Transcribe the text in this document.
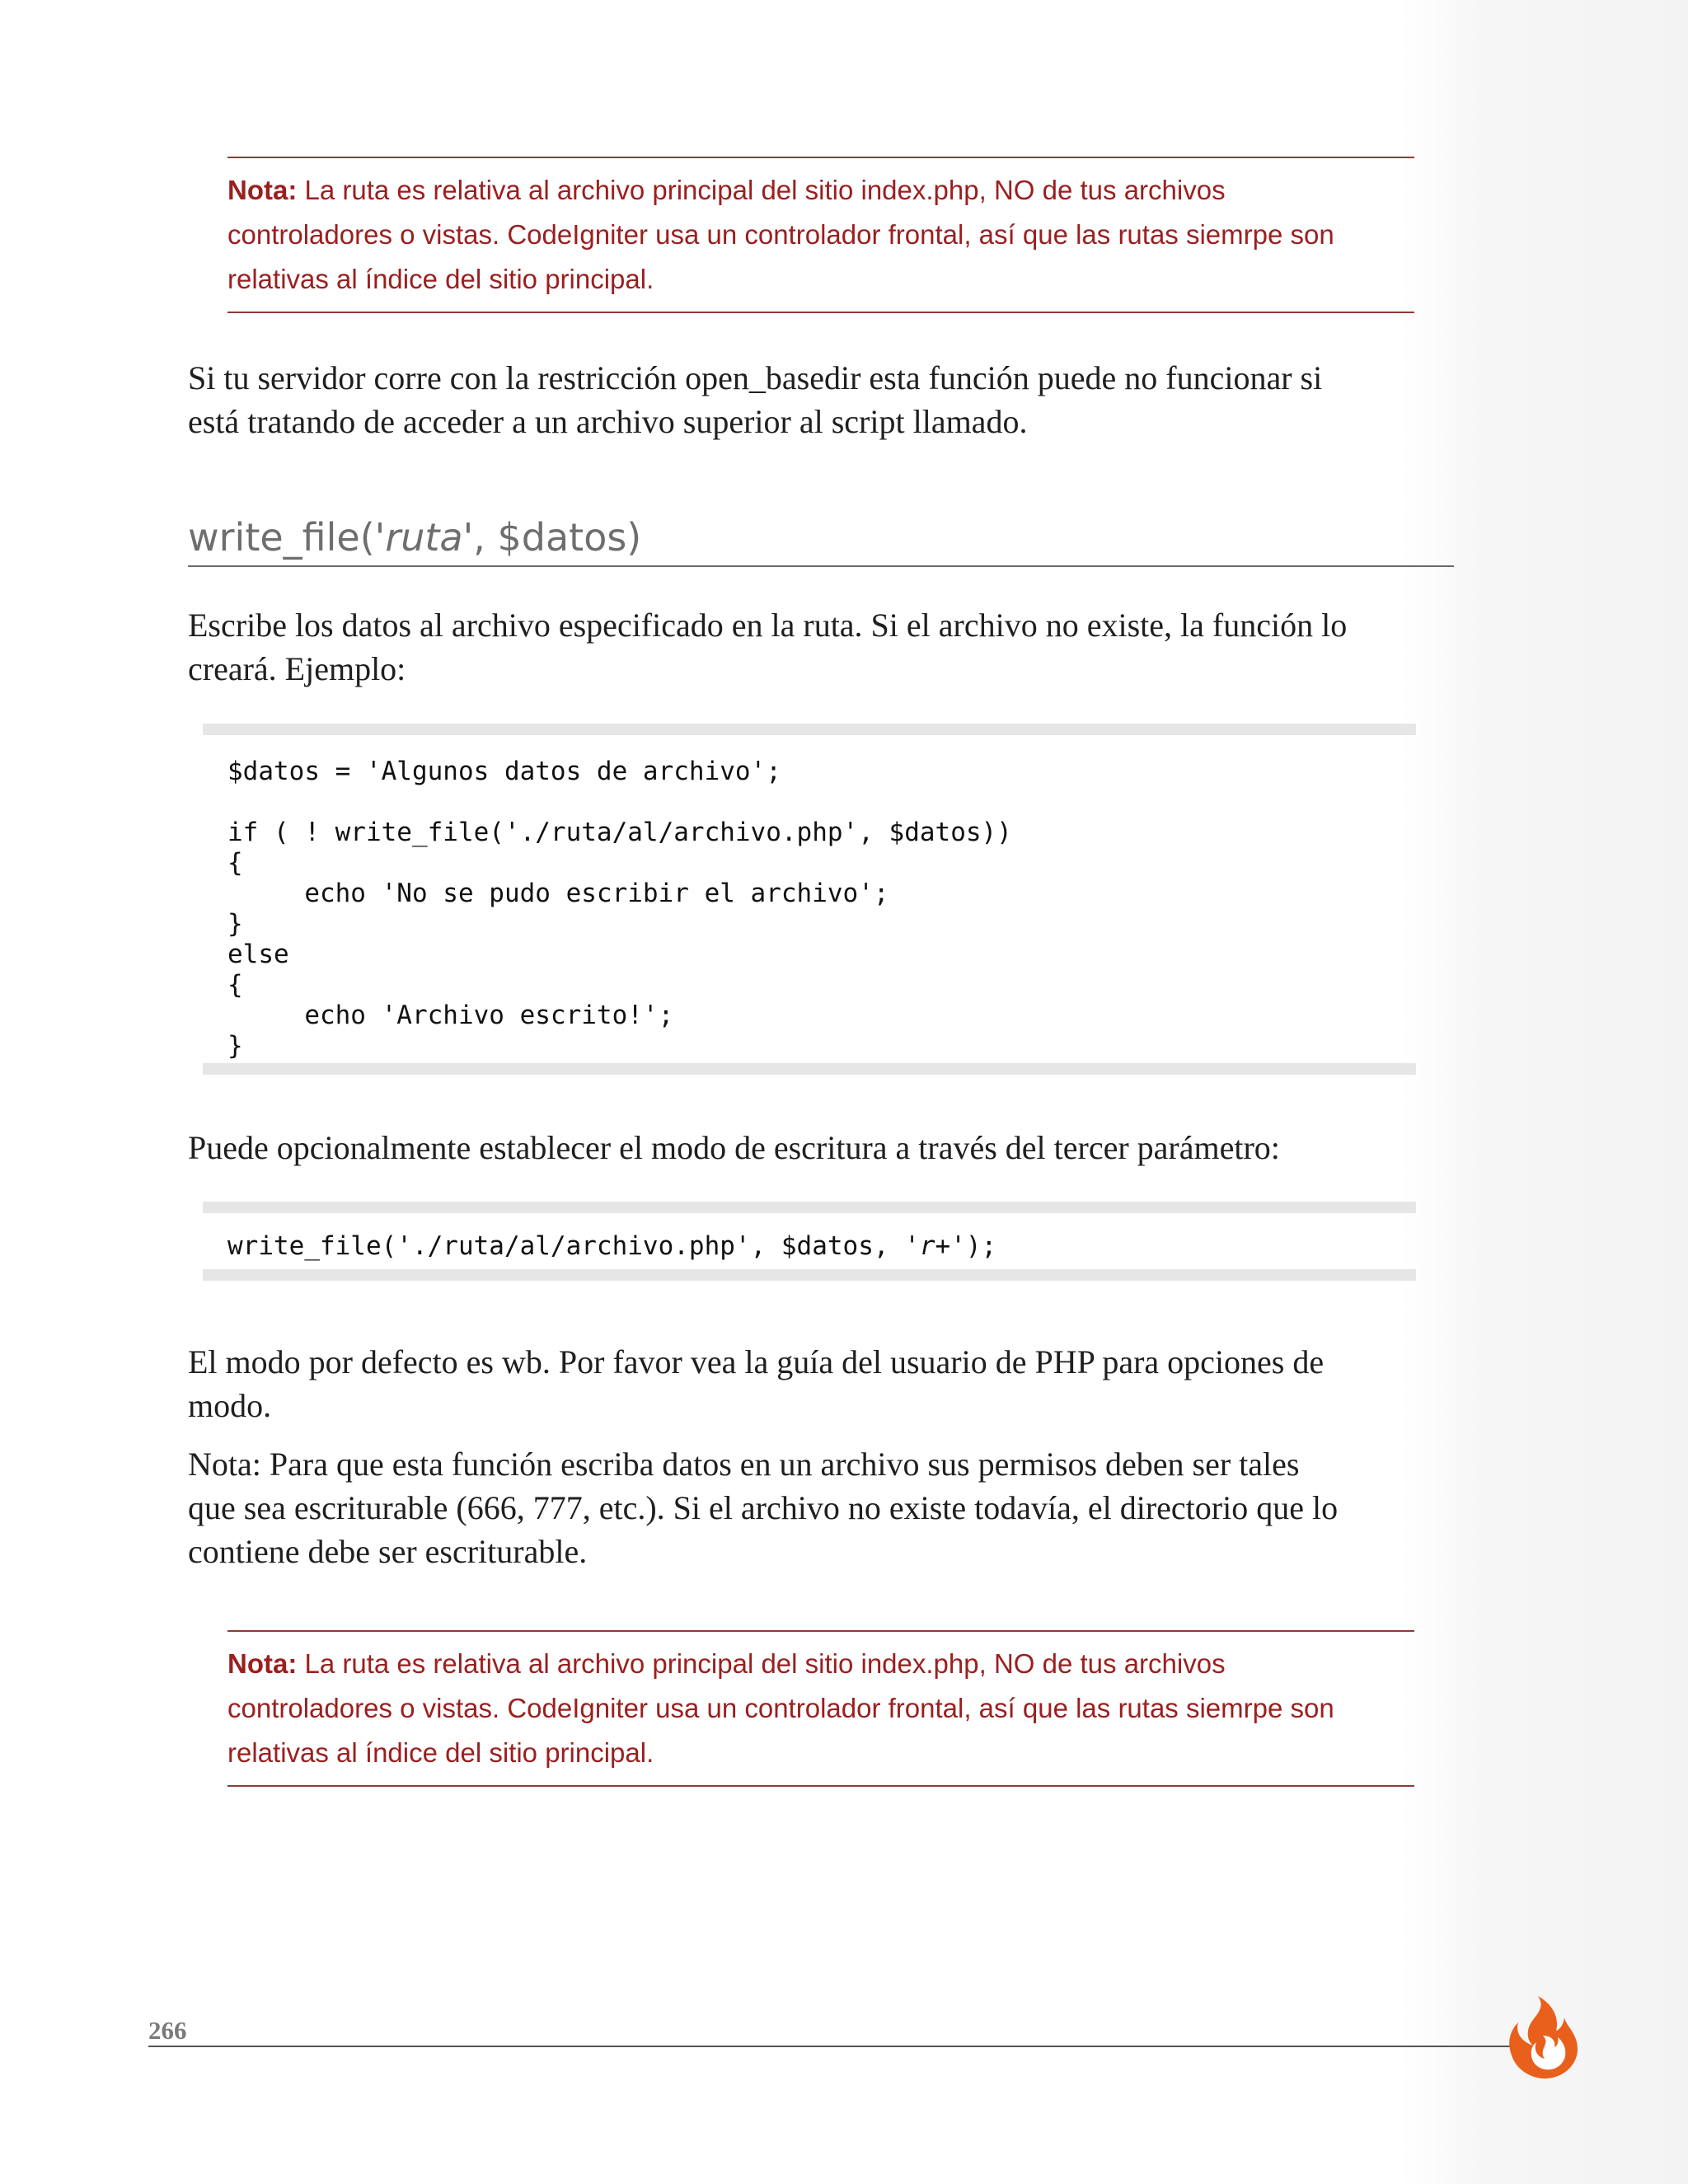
Nota: La ruta es relativa al archivo principal del sitio index.php, NO de tus archivos
controladores o vistas. CodeIgniter usa un controlador frontal, así que las rutas siemrpe son
relativas al índice del sitio principal.
Si tu servidor corre con la restricción open_basedir esta función puede no funcionar si
está tratando de acceder a un archivo superior al script llamado.
write_file('ruta', $datos)
Escribe los datos al archivo especificado en la ruta. Si el archivo no existe, la función lo
creará. Ejemplo:
$datos = 'Algunos datos de archivo';
if ( ! write_file('./ruta/al/archivo.php', $datos))
{
echo 'No se pudo escribir el archivo';
}
else
{
echo 'Archivo escrito!';
}
Puede opcionalmente establecer el modo de escritura a través del tercer parámetro:
write_file('./ruta/al/archivo.php', $datos, 'r+');
El modo por defecto es wb. Por favor vea la guía del usuario de PHP para opciones de
modo.
Nota: Para que esta función escriba datos en un archivo sus permisos deben ser tales
que sea escriturable (666, 777, etc.). Si el archivo no existe todavía, el directorio que lo
contiene debe ser escriturable.
Nota: La ruta es relativa al archivo principal del sitio index.php, NO de tus archivos
controladores o vistas. CodeIgniter usa un controlador frontal, así que las rutas siemrpe son
relativas al índice del sitio principal.
266
